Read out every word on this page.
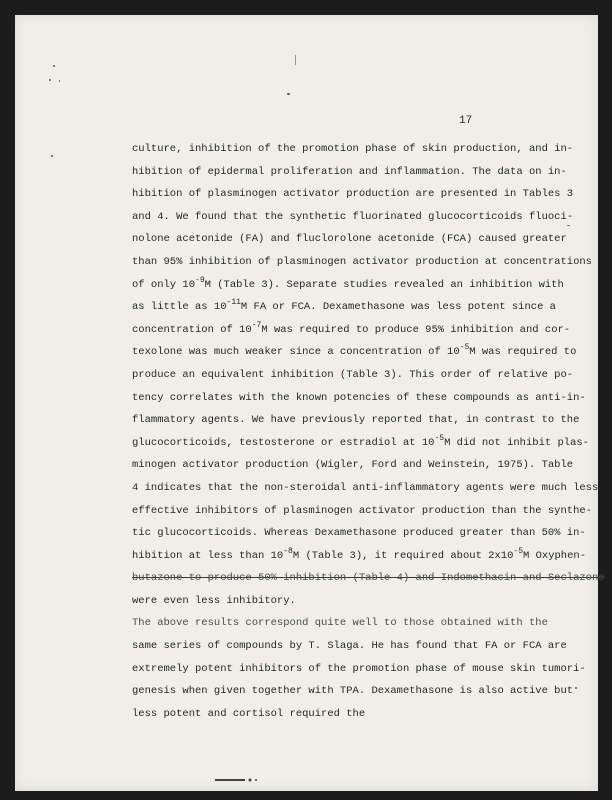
17
culture, inhibition of the promotion phase of skin production, and in-
hibition of epidermal proliferation and inflammation. The data on in-
hibition of plasminogen activator production are presented in Tables 3
and 4. We found that the synthetic fluorinated glucocorticoids fluoci-
nolone acetonide (FA) and fluclorolone acetonide (FCA) caused greater
than 95% inhibition of plasminogen activator production at concentrations
of only $10^{-9}M$ (Table 3). Separate studies revealed an inhibition with
as little as $10^{-11}M$ FA or FCA. Dexamethasone was less potent since a
concentration of $10^{-7}M$ was required to produce 95% inhibition and cor-
texolone was much weaker since a concentration of $10^{-5}M$ was required to
produce an equivalent inhibition (Table 3). This order of relative po-
tency correlates with the known potencies of these compounds as anti-in-
flammatory agents. We have previously reported that, in contrast to the
glucocorticoids, testosterone or estradiol at $10^{-5}M$ did not inhibit plas-
minogen activator production (Wigler, Ford and Weinstein, 1975). Table
4 indicates that the non-steroidal anti-inflammatory agents were much less
effective inhibitors of plasminogen activator production than the synthe-
tic glucocorticoids. Whereas Dexamethasone produced greater than 50% in-
hibition at less than $10^{-8}M$ (Table 3), it required about $2x10^{-5}M$ Oxyphen-
butazone to produce 50% inhibition (Table 4) and Indomethacin and Seclazone
were even less inhibitory.
The above results correspond quite well to those obtained with the
same series of compounds by T. Slaga. He has found that FA or FCA are
extremely potent inhibitors of the promotion phase of mouse skin tumori-
genesis when given together with TPA. Dexamethasone is also active but
less potent and cortisol required the
